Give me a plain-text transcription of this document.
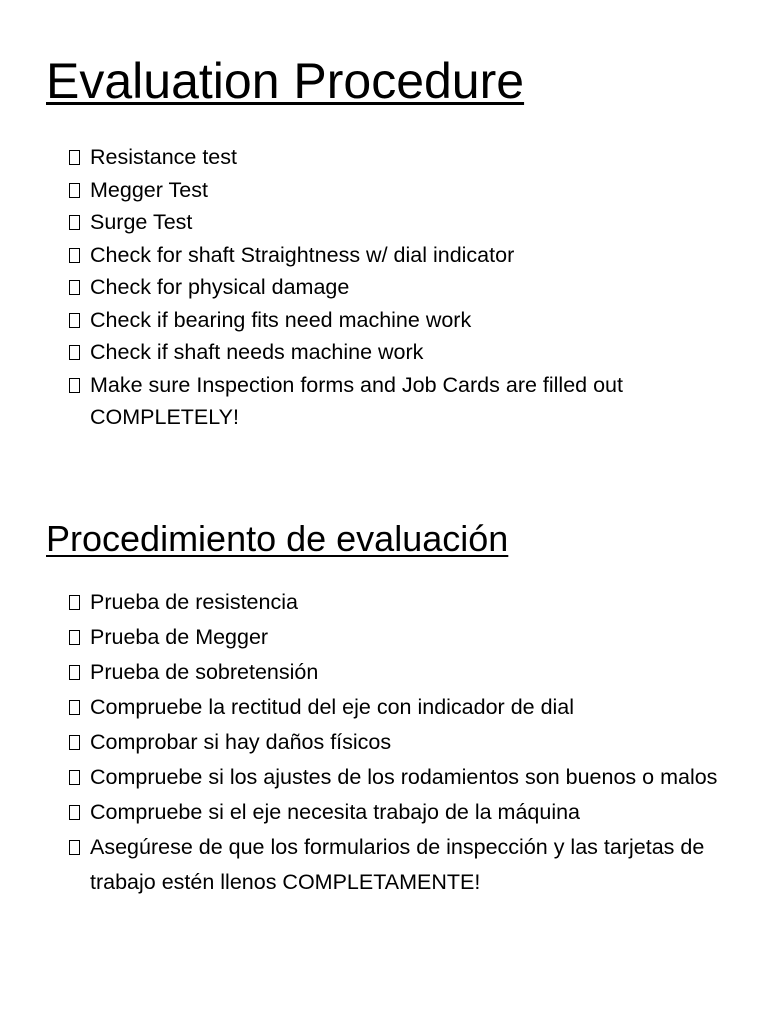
Evaluation Procedure
Resistance test
Megger Test
Surge Test
Check for shaft Straightness w/ dial indicator
Check for physical damage
Check if bearing fits need machine work
Check if shaft needs machine work
Make sure Inspection forms and Job Cards are filled out COMPLETELY!
Procedimiento de evaluación
Prueba de resistencia
Prueba de Megger
Prueba de sobretensión
Compruebe la rectitud del eje con indicador de dial
Comprobar si hay daños físicos
Compruebe si los ajustes de los rodamientos son buenos o malos
Compruebe si el eje necesita trabajo de la máquina
Asegúrese de que los formularios de inspección y las tarjetas de trabajo estén llenos COMPLETAMENTE!
